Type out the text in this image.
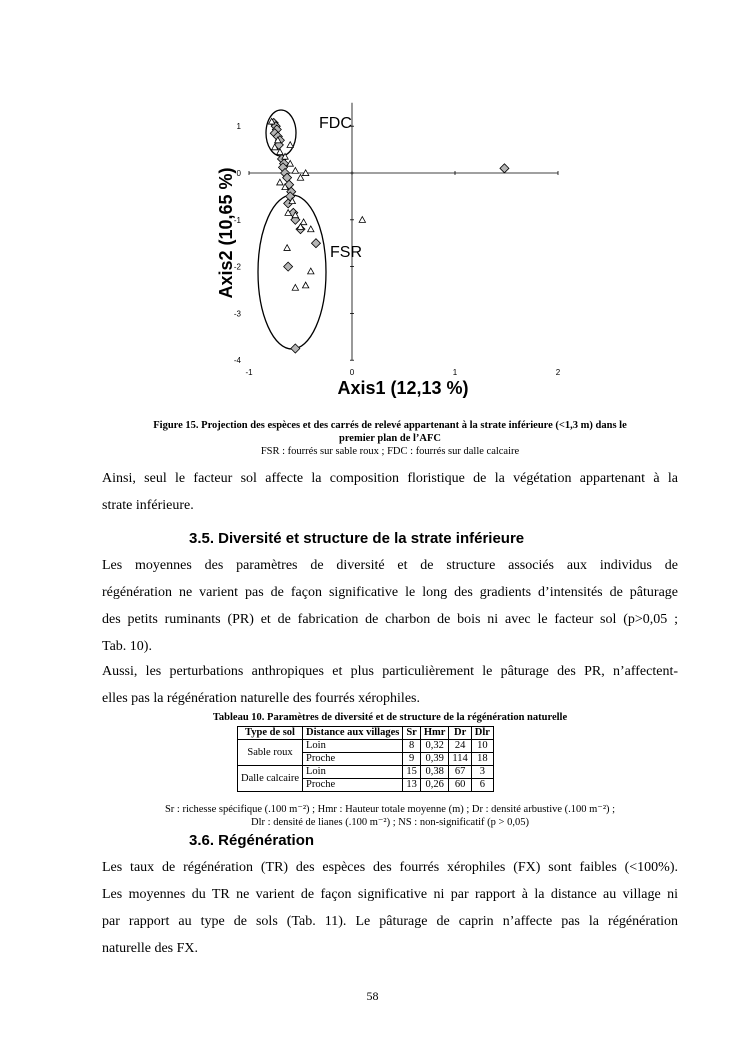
-1	0	1	2
1
0
-1
-2
-3
-4
FDC
FSR
Axis1 (12,13 %)
Axis2 (10,65 %)
Figure 15. Projection des espèces et des carrés de relevé appartenant à la strate inférieure (<1,3 m) dans le
premier plan de l’AFC
FSR : fourrés sur sable roux ; FDC : fourrés sur dalle calcaire
Ainsi, seul le facteur sol affecte la composition floristique de la végétation appartenant à la
strate inférieure.
3.5. Diversité et structure de la strate inférieure
Les moyennes des paramètres de diversité et de structure associés aux individus de
régénération ne varient pas de façon significative le long des gradients d’intensités de pâturage
des petits ruminants (PR) et de fabrication de charbon de bois ni avec le facteur sol (p>0,05 ;
Tab. 10).
Aussi, les perturbations anthropiques et plus particulièrement le pâturage des PR, n’affectent-
elles pas la régénération naturelle des fourrés xérophiles.
Tableau 10. Paramètres de diversité et de structure de la régénération naturelle
Type de sol	Distance aux villages	Sr	Hmr	Dr	Dlr
Sable roux	Loin	8	0,32	24	10
	Proche	9	0,39	114	18
Dalle calcaire	Loin	15	0,38	67	3
	Proche	13	0,26	60	6
Sr : richesse spécifique (.100 m⁻²) ; Hmr : Hauteur totale moyenne (m) ; Dr : densité arbustive (.100 m⁻²) ;
Dlr : densité de lianes (.100 m⁻²) ; NS : non-significatif (p > 0,05)
3.6. Régénération
Les taux de régénération (TR) des espèces des fourrés xérophiles (FX) sont faibles (<100%).
Les moyennes du TR ne varient de façon significative ni par rapport à la distance au village ni
par rapport au type de sols (Tab. 11). Le pâturage de caprin n’affecte pas la régénération
naturelle des FX.
58
